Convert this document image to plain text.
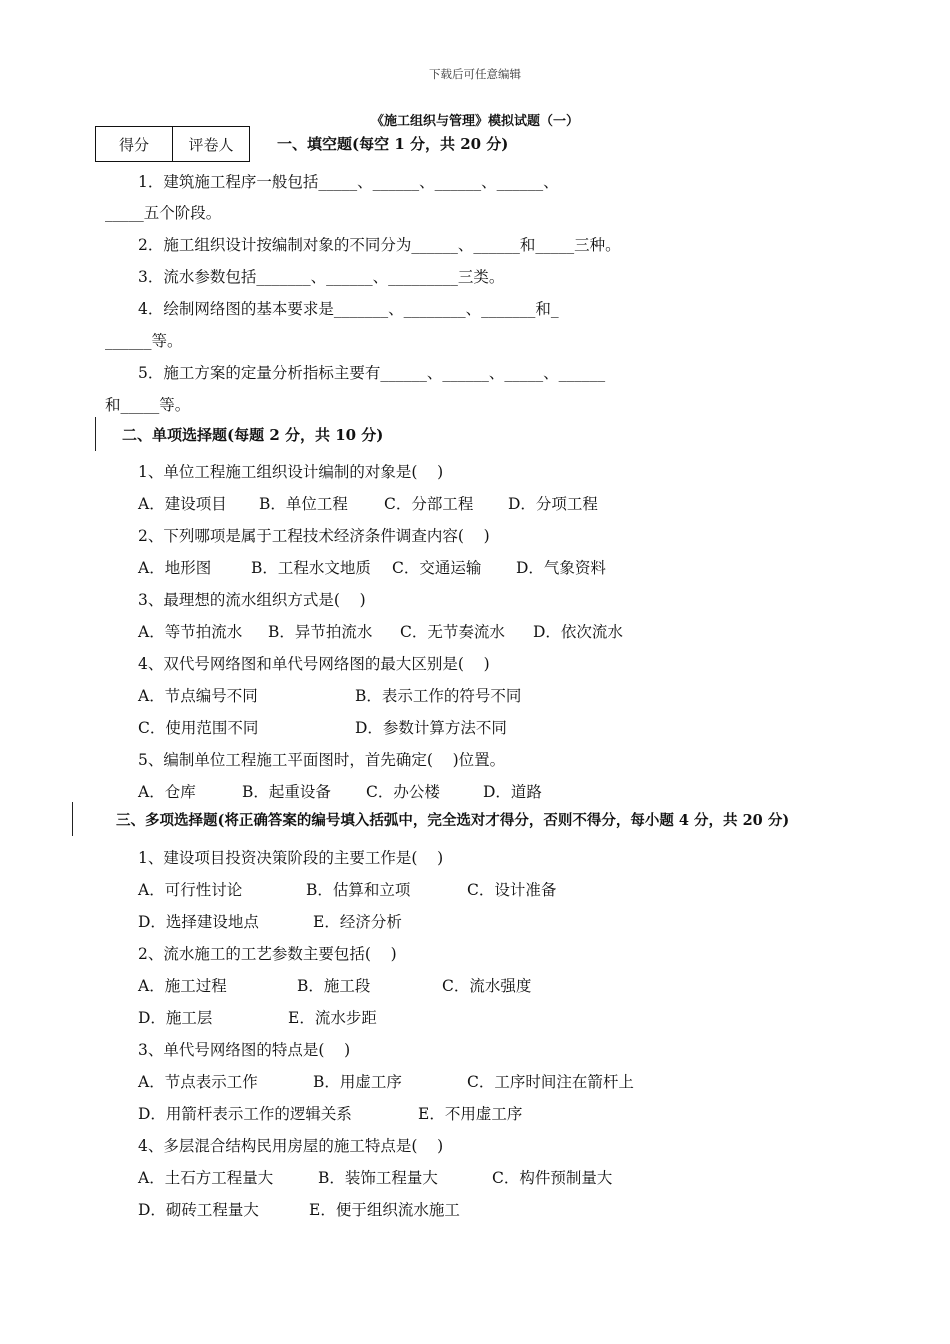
下载后可任意编辑
《施工组织与管理》模拟试题（一）
得分	评卷人	一、填空题(每空 1 分，共 20 分)
1．建筑施工程序一般包括_____、______、______、______、
_____五个阶段。
2．施工组织设计按编制对象的不同分为______、______和_____三种。
3．流水参数包括_______、______、_________三类。
4．绘制网络图的基本要求是_______、________、_______和_
______等。
5．施工方案的定量分析指标主要有______、______、_____、______
和_____等。
二、单项选择题(每题 2 分，共 10 分)
1、单位工程施工组织设计编制的对象是(    )
A．建设项目 B．单位工程 C．分部工程 D．分项工程
2、下列哪项是属于工程技术经济条件调查内容(    )
A．地形图	B．工程水文地质 C．交通运输 D．气象资料
3、最理想的流水组织方式是(    )
A．等节拍流水 B．异节拍流水 C．无节奏流水 D．依次流水
4、双代号网络图和单代号网络图的最大区别是(    )
A．节点编号不同	B．表示工作的符号不同
C．使用范围不同	D．参数计算方法不同
5、编制单位工程施工平面图时，首先确定(    )位置。
A．仓库	B．起重设备 C．办公楼	D．道路
三、多项选择题(将正确答案的编号填入括弧中，完全选对才得分，否则不得分，每小题 4 分，共 20 分)
1、建设项目投资决策阶段的主要工作是(    )
A．可行性讨论	B．估算和立项	C．设计准备
D．选择建设地点	E．经济分析
2、流水施工的工艺参数主要包括(    )
A．施工过程	B．施工段	C．流水强度
D．施工层	E．流水步距
3、单代号网络图的特点是(    )
A．节点表示工作	B．用虚工序	C．工序时间注在箭杆上
D．用箭杆表示工作的逻辑关系	E．不用虚工序
4、多层混合结构民用房屋的施工特点是(    )
A．土石方工程量大	B．装饰工程量大	C．构件预制量大
D．砌砖工程量大	E．便于组织流水施工
